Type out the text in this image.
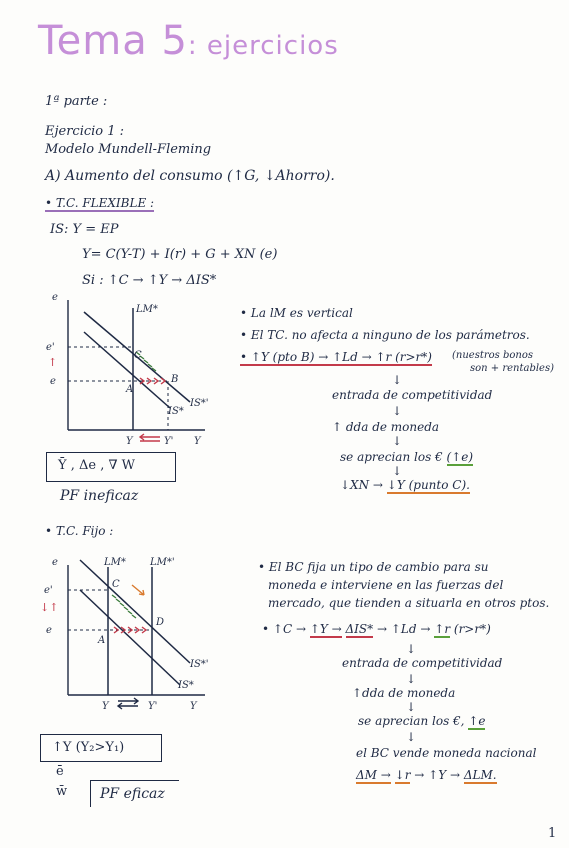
Tema 5: ejercicios
1ª parte :
Ejercicio 1 :
Modelo Mundell-Fleming
A) Aumento del consumo (↑G, ↓Ahorro).
• T.C. FLEXIBLE :
IS: Y = EP
Y= C(Y-T) + I(r) + G + XN (e)
Si : ↑C → ↑Y → ΔIS*
e
e'
↑
e
LM*
IS*'
IS*
A
B
C
Y	Y' Y
• La lM es vertical
• El TC. no afecta a ninguno de los parámetros.
• ↑Y (pto B) → ↑Ld → ↑r (r>r*) (nuestros bonos
son + rentables)
↓
entrada de competitividad
↓
↑ dda de moneda
↓
se aprecian los € (↑e)
↓
↓XN → ↓Y (punto C).
Ȳ , Δe , ∇ W
PF ineficaz
• T.C. Fijo :
e
e'
↓↑
e
LM* LM*'
IS*'
IS*
A
C
D
Y	Y'	Y
• El BC fija un tipo de cambio para su
moneda e interviene en las fuerzas del
mercado, que tienden a situarla en otros ptos.
• ↑C → ↑Y → ΔIS* → ↑Ld → ↑r (r>r*)
↓
entrada de competitividad
↓
↑dda de moneda
↓
se aprecian los €, ↑e
↓
el BC vende moneda nacional
ΔM → ↓r → ↑Y → ΔLM.
↑Y (Y₂>Y₁)
ē
w̄ PF eficaz
1
